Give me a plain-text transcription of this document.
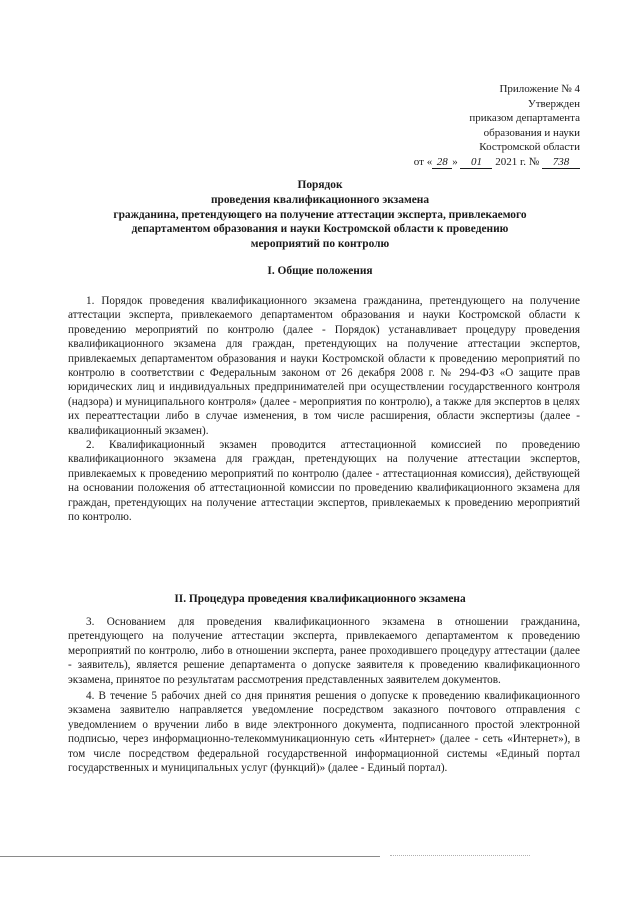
Приложение № 4
Утвержден
приказом департамента
образования и науки
Костромской области
от « 28 » 01 2021 г. № 738
Порядок
проведения квалификационного экзамена
гражданина, претендующего на получение аттестации эксперта, привлекаемого
департаментом образования и науки Костромской области к проведению
мероприятий по контролю
I. Общие положения

1. Порядок проведения квалификационного экзамена гражданина, претендующего на получение аттестации эксперта, привлекаемого департаментом образования и науки Костромской области к проведению мероприятий по контролю (далее - Порядок) устанавливает процедуру проведения квалификационного экзамена для граждан, претендующих на получение аттестации экспертов, привлекаемых департаментом образования и науки Костромской области к проведению мероприятий по контролю в соответствии с Федеральным законом от 26 декабря 2008 г. № 294-ФЗ «О защите прав юридических лиц и индивидуальных предпринимателей при осуществлении государственного контроля (надзора) и муниципального контроля» (далее - мероприятия по контролю), а также для экспертов в целях их переаттестации либо в случае изменения, в том числе расширения, области экспертизы (далее - квалификационный экзамен).

2. Квалификационный экзамен проводится аттестационной комиссией по проведению квалификационного экзамена для граждан, претендующих на получение аттестации экспертов, привлекаемых к проведению мероприятий по контролю (далее - аттестационная комиссия), действующей на основании положения об аттестационной комиссии по проведению квалификационного экзамена для граждан, претендующих на получение аттестации экспертов, привлекаемых к проведению мероприятий по контролю.

II. Процедура проведения квалификационного экзамена

3. Основанием для проведения квалификационного экзамена в отношении гражданина, претендующего на получение аттестации эксперта, привлекаемого департаментом к проведению мероприятий по контролю, либо в отношении эксперта, ранее проходившего процедуру аттестации (далее - заявитель), является решение департамента о допуске заявителя к проведению квалификационного экзамена, принятое по результатам рассмотрения представленных заявителем документов.

4. В течение 5 рабочих дней со дня принятия решения о допуске к проведению квалификационного экзамена заявителю направляется уведомление посредством заказного почтового отправления с уведомлением о вручении либо в виде электронного документа, подписанного простой электронной подписью, через информационно-телекоммуникационную сеть «Интернет» (далее - сеть «Интернет»), в том числе посредством федеральной государственной информационной системы «Единый портал государственных и муниципальных услуг (функций)» (далее - Единый портал).
